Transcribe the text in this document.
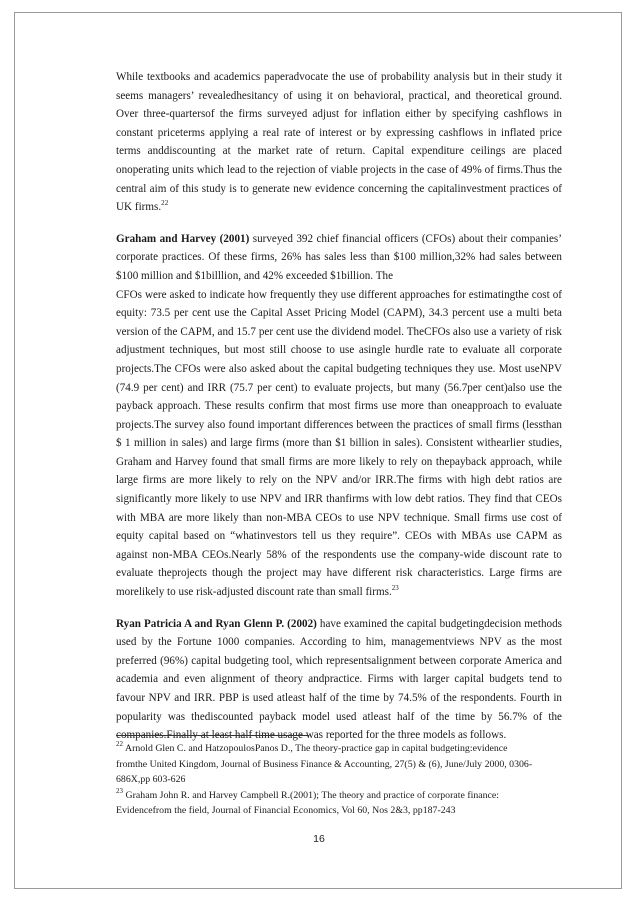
While textbooks and academics paperadvocate the use of probability analysis but in their study it seems managers’ revealedhesitancy of using it on behavioral, practical, and theoretical ground. Over three-quartersof the firms surveyed adjust for inflation either by specifying cashflows in constant priceterms applying a real rate of interest or by expressing cashflows in inflated price terms anddiscounting at the market rate of return. Capital expenditure ceilings are placed onoperating units which lead to the rejection of viable projects in the case of 49% of firms.Thus the central aim of this study is to generate new evidence concerning the capitalinvestment practices of UK firms.$^{22}$

Graham and Harvey (2001) surveyed 392 chief financial officers (CFOs) about their companies’ corporate practices. Of these firms, 26% has sales less than $100 million,32% had sales between $100 million and $1billlion, and 42% exceeded $1billion. The

CFOs were asked to indicate how frequently they use different approaches for estimatingthe cost of equity: 73.5 per cent use the Capital Asset Pricing Model (CAPM), 34.3 percent use a multi beta version of the CAPM, and 15.7 per cent use the dividend model. TheCFOs also use a variety of risk adjustment techniques, but most still choose to use asingle hurdle rate to evaluate all corporate projects.The CFOs were also asked about the capital budgeting techniques they use. Most useNPV (74.9 per cent) and IRR (75.7 per cent) to evaluate projects, but many (56.7per cent)also use the payback approach. These results confirm that most firms use more than oneapproach to evaluate projects.The survey also found important differences between the practices of small firms (lessthan $ 1 million in sales) and large firms (more than $1 billion in sales). Consistent withearlier studies, Graham and Harvey found that small firms are more likely to rely on thepayback approach, while large firms are more likely to rely on the NPV and/or IRR.The firms with high debt ratios are significantly more likely to use NPV and IRR thanfirms with low debt ratios. They find that CEOs with MBA are more likely than non-MBA CEOs to use NPV technique. Small firms use cost of equity capital based on “whatinvestors tell us they require”. CEOs with MBAs use CAPM as against non-MBA CEOs.Nearly 58% of the respondents use the company-wide discount rate to evaluate theprojects though the project may have different risk characteristics. Large firms are morelikely to use risk-adjusted discount rate than small firms.$^{23}$

Ryan Patricia A and Ryan Glenn P. (2002) have examined the capital budgetingdecision methods used by the Fortune 1000 companies. According to him, managementviews NPV as the most preferred (96%) capital budgeting tool, which representsalignment between corporate America and academia and even alignment of theory andpractice. Firms with larger capital budgets tend to favour NPV and IRR. PBP is used atleast half of the time by 74.5% of the respondents. Fourth in popularity was thediscounted payback model used atleast half of the time by 56.7% of the companies.Finally at least half time usage was reported for the three models as follows.

$^{22}$ Arnold Glen C. and HatzopoulosPanos D., The theory-practice gap in capital budgeting:evidence fromthe United Kingdom, Journal of Business Finance & Accounting, 27(5) & (6), June/July 2000, 0306-686X,pp 603-626

$^{23}$ Graham John R. and Harvey Campbell R.(2001); The theory and practice of corporate finance: Evidencefrom the field, Journal of Financial Economics, Vol 60, Nos 2&3, pp187-243

16
